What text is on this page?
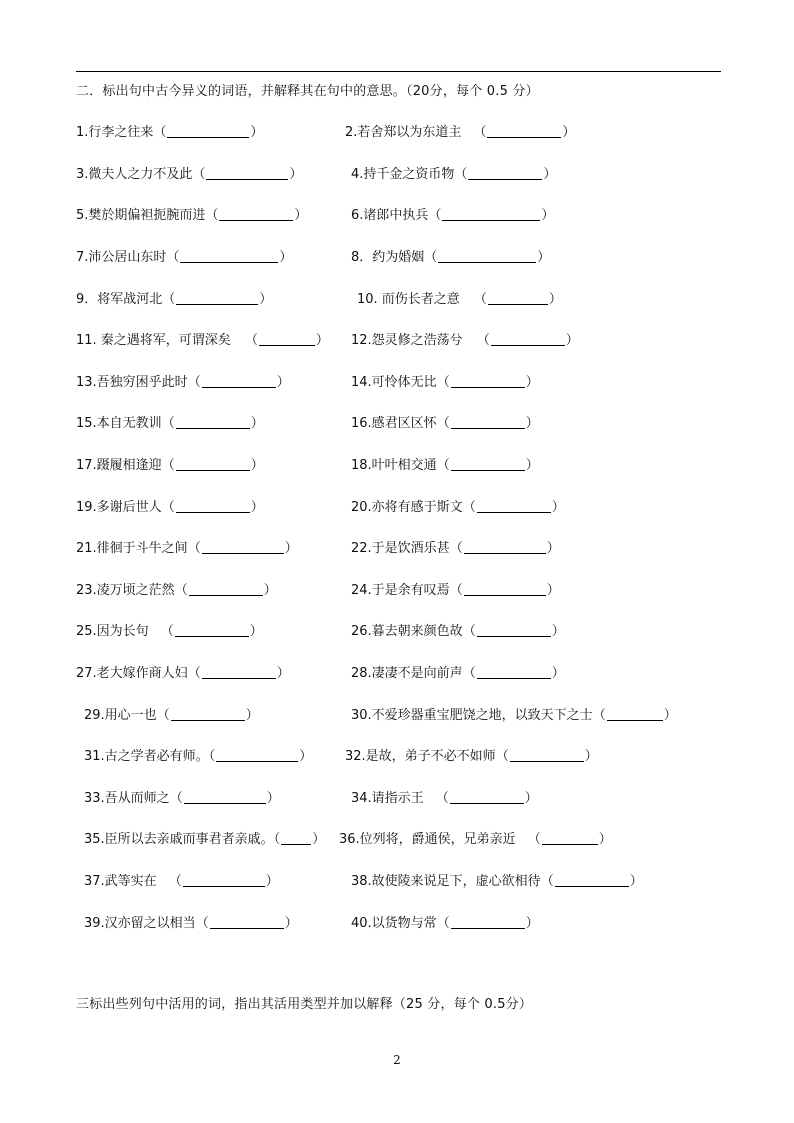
二．标出句中古今异义的词语，并解释其在句中的意思。（20分，每个 0.5 分）
1.行李之往来（	）	2.若舍郑以为东道主 （	）
3.微夫人之力不及此（	）	4.持千金之资币物（	）
5.樊於期偏袒扼腕而进（	）	6.诸郎中执兵（	）
7.沛公居山东时（	）	8．约为婚姻（	）
9．将军战河北（	）	10. 而伤长者之意 （	）
11. 秦之遇将军，可谓深矣 （	） 12.怨灵修之浩荡兮 （	）
13.吾独穷困乎此时（	）	14.可怜体无比（	）
15.本自无教训（	）	16.感君区区怀（	）
17.蹑履相逢迎（	）	18.叶叶相交通（	）
19.多谢后世人（	）	20.亦将有感于斯文（	）
21.徘徊于斗牛之间（	）	22.于是饮酒乐甚（	）
23.凌万顷之茫然（	）	24.于是余有叹焉（	）
25.因为长句 （	）	26.暮去朝来颜色故（	）
27.老大嫁作商人妇（	）	28.凄凄不是向前声（	）
29.用心一也（	）	30.不爱珍器重宝肥饶之地，以致天下之士（	）
31.古之学者必有师。（	）	32.是故，弟子不必不如师（	）
33.吾从而师之（	）	34.请指示王 （	）
35.臣所以去亲戚而事君者亲戚。（ ） 36.位列将，爵通侯，兄弟亲近 （	）
37.武等实在 （	）	38.故使陵来说足下，虚心欲相待（	）
39.汉亦留之以相当（	）	40.以货物与常（	）
三标出些列句中活用的词，指出其活用类型并加以解释（25 分，每个 0.5分）
2
